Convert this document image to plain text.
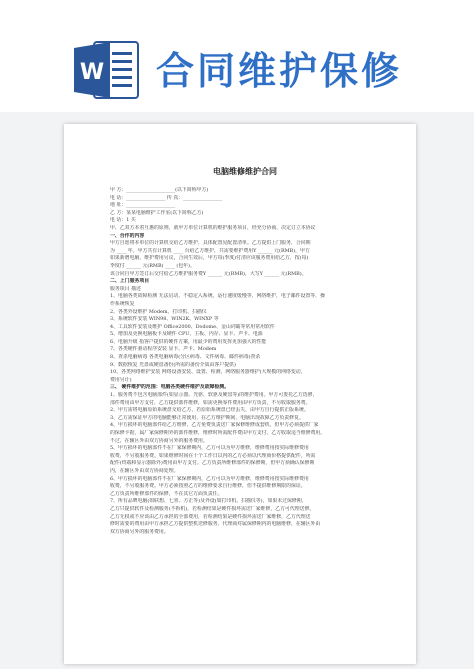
W 合同维护保修
电脑维修维护合同
甲 方：____________________(以下简称甲方)
电 话：________________ 传 真：________________
地 址：____________________
乙 方：某某电脑维护工作室(以下简称乙方)
电 话：1 买
甲、乙双方本着互惠的原则，就甲方单位计算机的维护服务项目，经充分协商，决定订立本协议
一、合作的内容
甲方自愿将本单位的计算机交给乙方维护，具体配置见配置清单。乙方提供上门服务，合同期
为 ____ 年。甲方共有计算机 ____ 台给乙方维护，共需要维护费用Y ______ 元(RMB)，甲方
如果新增电脑，维护费用另议，合同生效后，甲方每(季度)付清应该服务费用给乙方，按(每)
季度付 ______ 元(RMB) ____ (包年)。
该合同自甲方签订后交付给乙方维护服务费Y ______ 元(RMB)，大写Y ______ 元(RMB)。
二、上门服务项目
服务项目 描述
1、电脑各类故障检测 无法启动，不稳定入系统，运行速度缓慢等，网络维护，电子邮件设置等，操
作系统恢复
2、各类外设维护 Modem、打印机、扫描仪
3、系统软件安装 WIN98、WIN2K、WINXP 等
4、工具软件安装及维护 Office2000、Dodome、金山词霸等常用常用软件
5、增加及更换电脑板卡及硬件 CPU、主板、内存、显卡、声卡、电源
6、电脑升级 指客户提供的硬件方案，用最少的费用发挥更加强大的性能
7、各类硬件驱动程序安装 显卡、声卡、Modem
8、查杀电脑病毒 各类电脑病毒(分区病毒、文件病毒、邮件病毒)查杀
9、数据恢复 光盘或硬盘备份(所需的备份介质由客户提供)
10、各类网络维护安装 网络设备安装、设置、检测，网络服务器维护(大规模的网络变动，
费用另计)
三、 硬件维护的范围：电脑各类硬件维护及故障检测。
1、服务费不包含电脑部件(如显示器、光驱、软驱及硬盘等)的维护费用。甲方可委托乙方选修，
部件费用由甲方支付，乙方提供部件维修，如需更换零件费用由甲方负责，不另收取服务费。
2、甲方需将电脑原始系统盘交给乙方，若原始系统盘已经丢失，由甲方自行提供正版系统。
3、乙方需保证甲方的电脑能够正常使用，在乙方维护期间，电脑出现故障乙方负责修复。
4、甲方损坏的电脑部件给乙方维修，乙方免费负责送厂家保修维修成套机，但甲方必须提供厂家
的保修卡据，属厂家保修期外的部件维修，维修时所需配件费由甲方支付，乙方收取适当维修费用。
不过，在辅区外由双方协商另外的服务费用。
5、甲方损坏的电脑部件不在厂家保修期内，乙方可以为甲方维修，维修费用按实际维修费用
收费，不另收服务费。如果维修时间在十个工作日以内的乙方必须以代理商价格提供配件，所需
配件(终端和显示器除外)费用由甲方支付。乙方负责所维修部件的保修期，但甲方须确认保修期
内，在辅区外由双方协商处理。
6、甲方损坏的电脑部件不在厂家保修期内，乙方可以为甲方维修，维修费用按实际维修费用
收费，不另收服务费。甲方必须按照乙方的维修要求自行维修，但不提供维修期限的保证。
乙方负责所维修部件的保修，不在其它方面负责任。
7、所有品牌电脑(如联想、七喜、方正等)及外设(如打印机、扫描仪等)，如果未过保修期，
乙方只提供软件及检测服务(不拆机)，若检测结果是硬件损坏需送厂家维修，乙方可代理送修。
乙方无权或不应该由乙方承担的全部费用，若检测结果是硬件损坏需送厂家维修，乙方代理送
修时需要的费用由甲方承担乙方提供整机送修服务，代理商对属保修期内的电脑维修，在辅区外由
双方协商另外的服务费用。
